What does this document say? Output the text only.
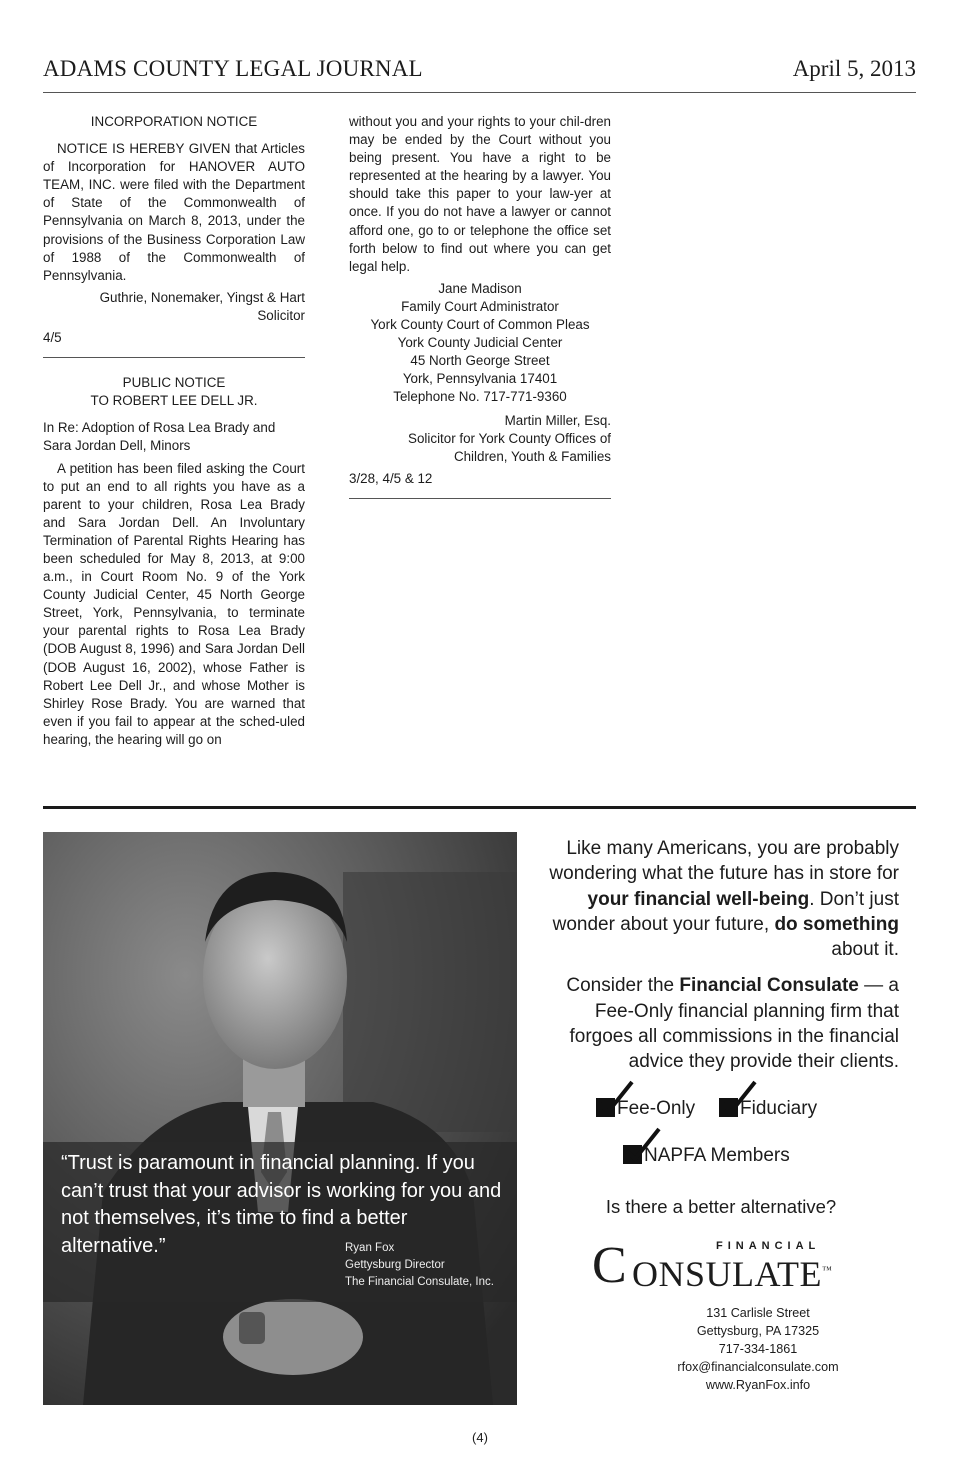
ADAMS COUNTY LEGAL JOURNAL	April 5, 2013

INCORPORATION NOTICE

NOTICE IS HEREBY GIVEN that Articles of Incorporation for HANOVER AUTO TEAM, INC. were filed with the Department of State of the Commonwealth of Pennsylvania on March 8, 2013, under the provisions of the Business Corporation Law of 1988 of the Commonwealth of Pennsylvania.

Guthrie, Nonemaker, Yingst & Hart

Solicitor

4/5

PUBLIC NOTICE

TO ROBERT LEE DELL JR.

In Re: Adoption of Rosa Lea Brady and Sara Jordan Dell, Minors

A petition has been filed asking the Court to put an end to all rights you have as a parent to your children, Rosa Lea Brady and Sara Jordan Dell. An Involuntary Termination of Parental Rights Hearing has been scheduled for May 8, 2013, at 9:00 a.m., in Court Room No. 9 of the York County Judicial Center, 45 North George Street, York, Pennsylvania, to terminate your parental rights to Rosa Lea Brady (DOB August 8, 1996) and Sara Jordan Dell (DOB August 16, 2002), whose Father is Robert Lee Dell Jr., and whose Mother is Shirley Rose Brady. You are warned that even if you fail to appear at the sched-uled hearing, the hearing will go on

without you and your rights to your chil-dren may be ended by the Court without you being present. You have a right to be represented at the hearing by a lawyer. You should take this paper to your law-yer at once. If you do not have a lawyer or cannot afford one, go to or telephone the office set forth below to find out where you can get legal help.

Jane Madison
Family Court Administrator
York County Court of Common Pleas
York County Judicial Center
45 North George Street
York, Pennsylvania 17401
Telephone No. 717-771-9360
Martin Miller, Esq.
Solicitor for York County Offices of
Children, Youth & Families

3/28, 4/5 & 12

“Trust is paramount in financial planning. If you can’t trust that your advisor is working for you and not themselves, it’s time to find a better alternative.”	Ryan Fox
Gettysburg Director
The Financial Consulate, Inc.

Like many Americans, you are probably wondering what the future has in store for your financial well-being. Don’t just wonder about your future, do something about it.

Consider the Financial Consulate — a Fee-Only financial planning firm that forgoes all commissions in the financial advice they provide their clients.

Fee-Only	Fiduciary
NAPFA Members
Is there a better alternative?
FINANCIAL
C ONSULATE™
131 Carlisle Street
Gettysburg, PA 17325
717-334-1861
rfox@financialconsulate.com
www.RyanFox.info
(4)
